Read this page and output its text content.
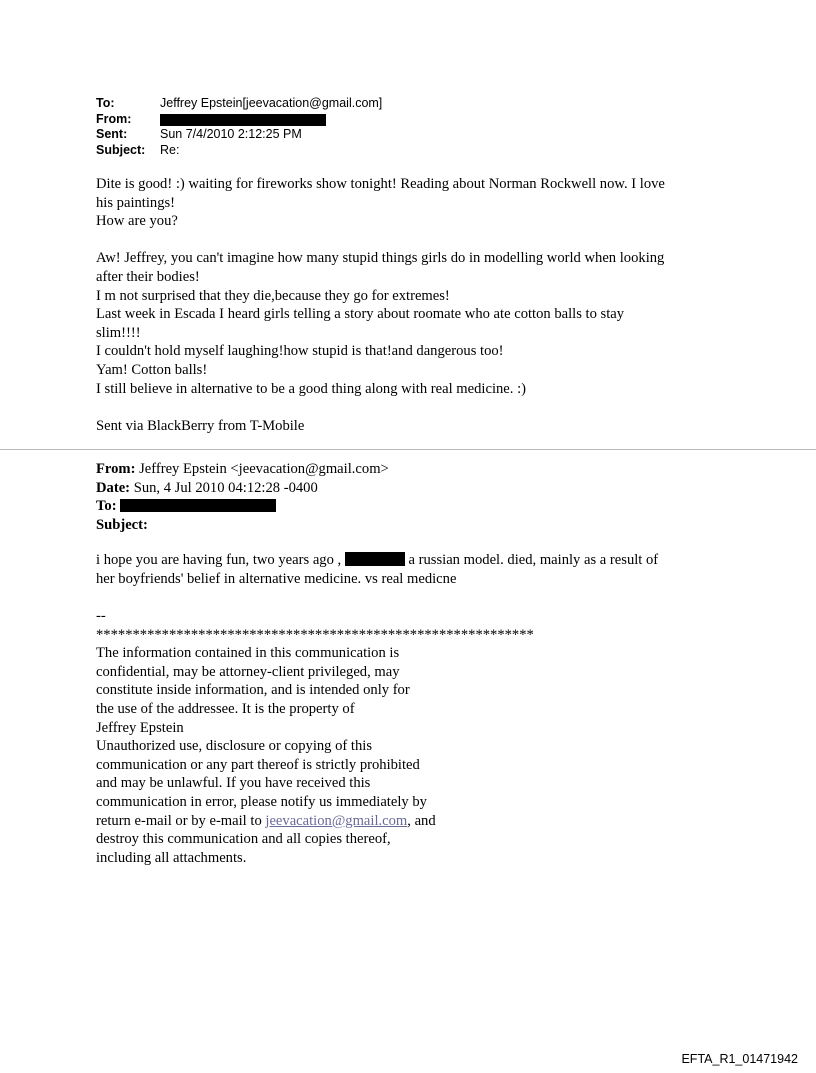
To:	Jeffrey Epstein[jeevacation@gmail.com]
From:
Sent:	Sun 7/4/2010 2:12:25 PM
Subject:	Re:

Dite is good! :) waiting for fireworks show tonight! Reading about Norman Rockwell now. I love
his paintings!
How are you?

Aw! Jeffrey, you can't imagine how many stupid things girls do in modelling world when looking
after their bodies!
I m not surprised that they die,because they go for extremes!
Last week in Escada I heard girls telling a story about roomate who ate cotton balls to stay
slim!!!!
I couldn't hold myself laughing!how stupid is that!and dangerous too!
Yam! Cotton balls!
I still believe in alternative to be a good thing along with real medicine. :)

Sent via BlackBerry from T-Mobile

From: Jeffrey Epstein <jeevacation@gmail.com>
Date: Sun, 4 Jul 2010 04:12:28 -0400
To:
Subject:
i hope you are having fun, two years ago ,	a russian model. died, mainly as a result of
her boyfriends' belief in alternative medicine. vs real medicne
--
************************************************************
The information contained in this communication is
confidential, may be attorney-client privileged, may
constitute inside information, and is intended only for
the use of the addressee. It is the property of
Jeffrey Epstein
Unauthorized use, disclosure or copying of this
communication or any part thereof is strictly prohibited
and may be unlawful. If you have received this
communication in error, please notify us immediately by
return e-mail or by e-mail to jeevacation@gmail.com, and
destroy this communication and all copies thereof,
including all attachments.
EFTA_R1_01471942
